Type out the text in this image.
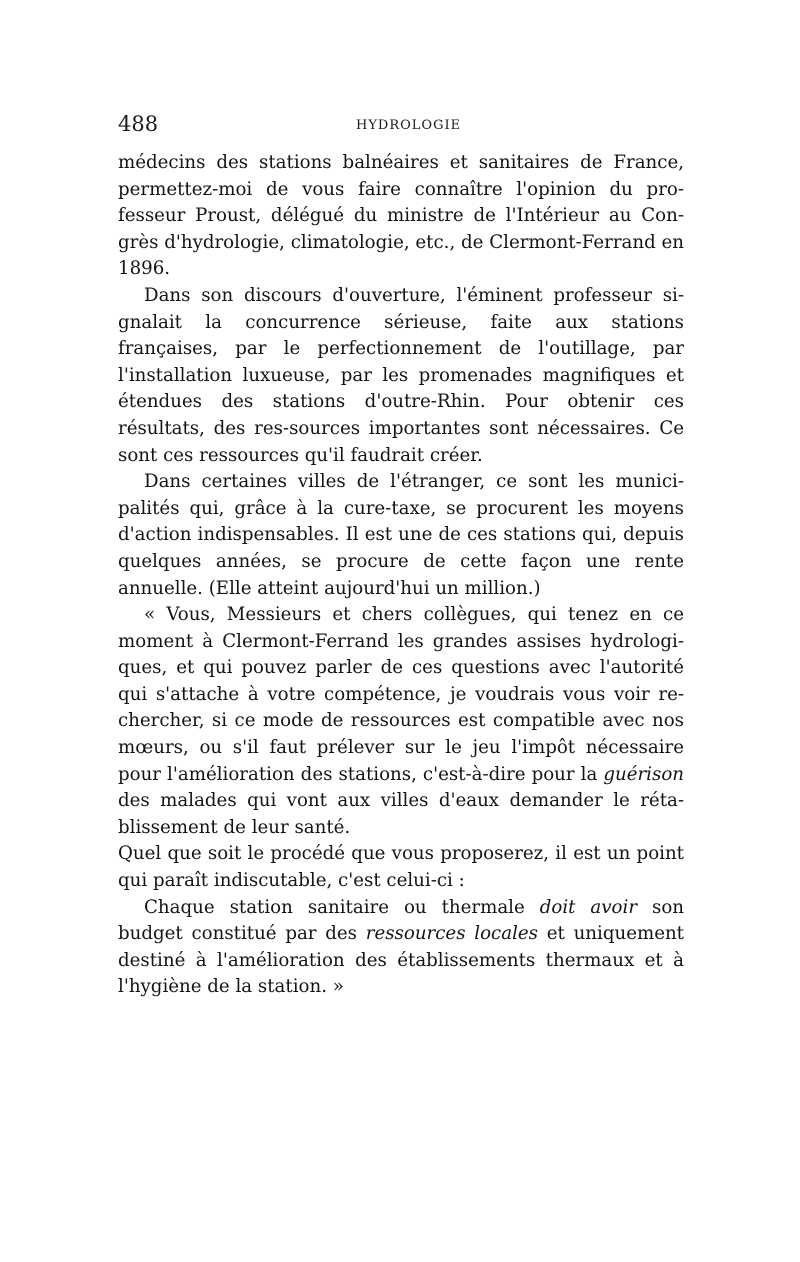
488	HYDROLOGIE

médecins des stations balnéaires et sanitaires de France, permettez-moi de vous faire connaître l'opinion du pro-fesseur Proust, délégué du ministre de l'Intérieur au Con-grès d'hydrologie, climatologie, etc., de Clermont-Ferrand en 1896.

Dans son discours d'ouverture, l'éminent professeur si-gnalait la concurrence sérieuse, faite aux stations françaises, par le perfectionnement de l'outillage, par l'installation luxueuse, par les promenades magnifiques et étendues des stations d'outre-Rhin. Pour obtenir ces résultats, des res-sources importantes sont nécessaires. Ce sont ces ressources qu'il faudrait créer.

Dans certaines villes de l'étranger, ce sont les munici-palités qui, grâce à la cure-taxe, se procurent les moyens d'action indispensables. Il est une de ces stations qui, depuis quelques années, se procure de cette façon une rente annuelle. (Elle atteint aujourd'hui un million.)

« Vous, Messieurs et chers collègues, qui tenez en ce moment à Clermont-Ferrand les grandes assises hydrologi-ques, et qui pouvez parler de ces questions avec l'autorité qui s'attache à votre compétence, je voudrais vous voir re-chercher, si ce mode de ressources est compatible avec nos mœurs, ou s'il faut prélever sur le jeu l'impôt nécessaire pour l'amélioration des stations, c'est-à-dire pour la guérison des malades qui vont aux villes d'eaux demander le réta-blissement de leur santé.

Quel que soit le procédé que vous proposerez, il est un point qui paraît indiscutable, c'est celui-ci :

Chaque station sanitaire ou thermale doit avoir son budget constitué par des ressources locales et uniquement destiné à l'amélioration des établissements thermaux et à l'hygiène de la station. »
